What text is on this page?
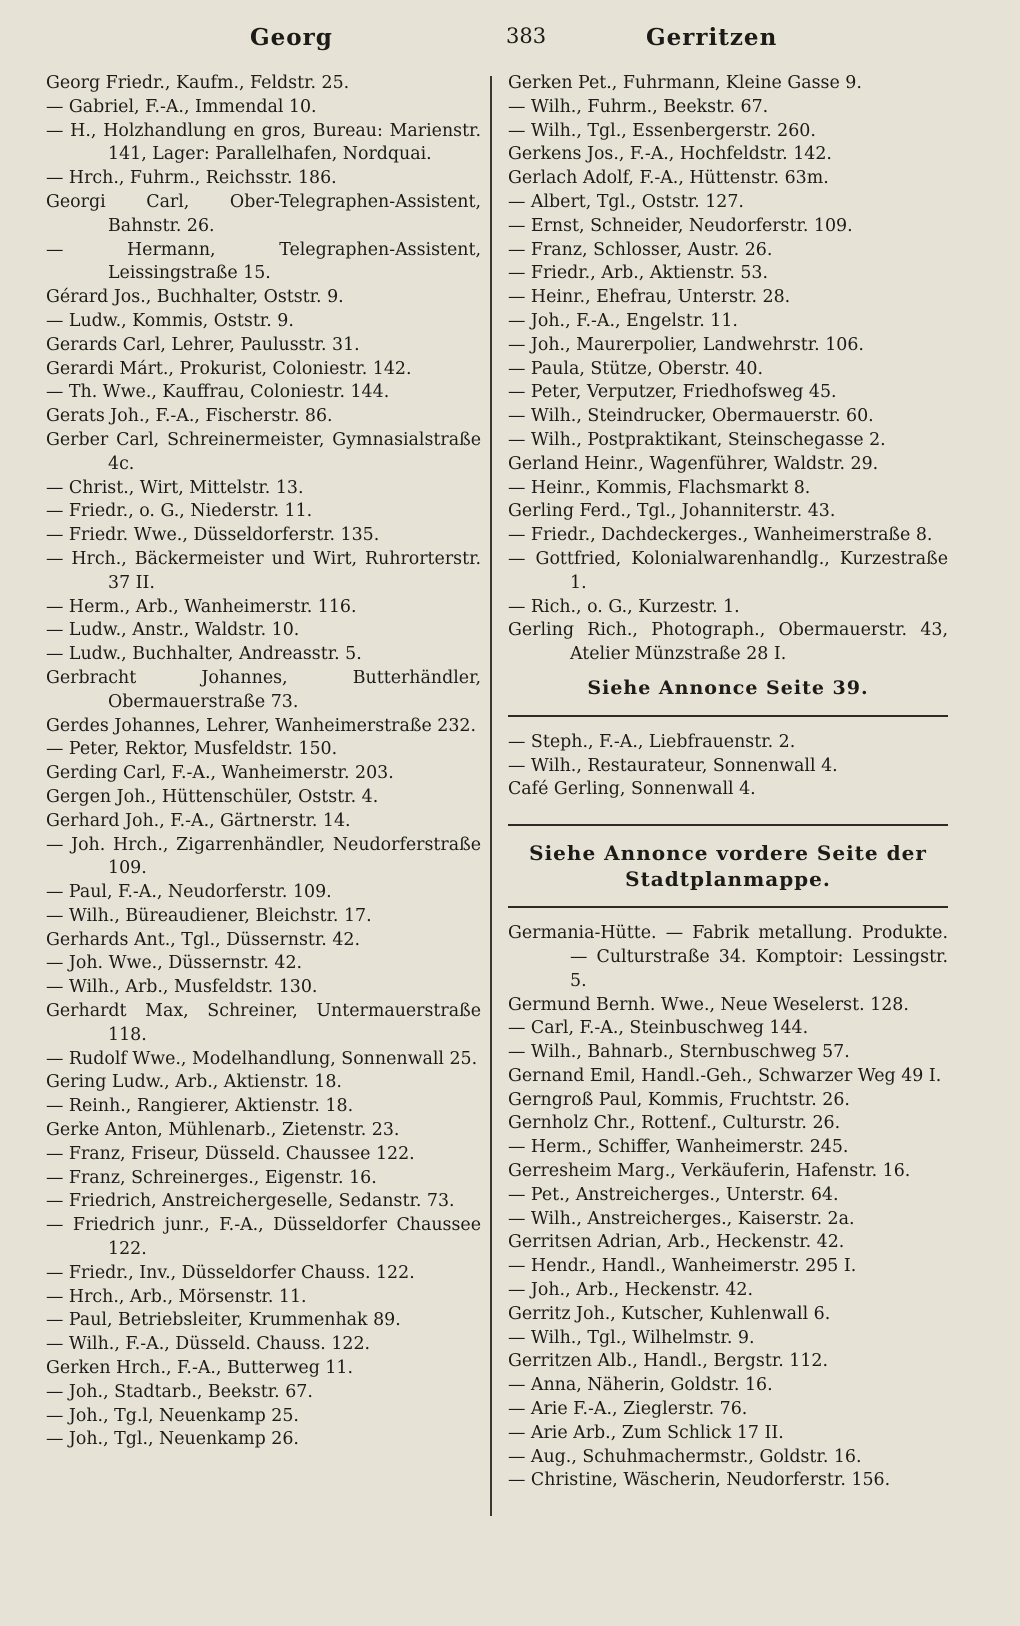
Georg	383	Gerritzen

Georg Friedr., Kaufm., Feldstr. 25.

— Gabriel, F.-A., Immendal 10.

— H., Holzhandlung en gros, Bureau: Marienstr. 141, Lager: Parallelhafen, Nordquai.

— Hrch., Fuhrm., Reichsstr. 186.

Georgi Carl, Ober-Telegraphen-Assistent, Bahnstr. 26.

— Hermann, Telegraphen-Assistent, Leissingstraße 15.

Gérard Jos., Buchhalter, Oststr. 9.

— Ludw., Kommis, Oststr. 9.

Gerards Carl, Lehrer, Paulusstr. 31.

Gerardi Márt., Prokurist, Coloniestr. 142.

— Th. Wwe., Kauffrau, Coloniestr. 144.

Gerats Joh., F.-A., Fischerstr. 86.

Gerber Carl, Schreinermeister, Gymnasialstraße 4c.

— Christ., Wirt, Mittelstr. 13.

— Friedr., o. G., Niederstr. 11.

— Friedr. Wwe., Düsseldorferstr. 135.

— Hrch., Bäckermeister und Wirt, Ruhrorterstr. 37 II.

— Herm., Arb., Wanheimerstr. 116.

— Ludw., Anstr., Waldstr. 10.

— Ludw., Buchhalter, Andreasstr. 5.

Gerbracht Johannes, Butterhändler, Obermauerstraße 73.

Gerdes Johannes, Lehrer, Wanheimerstraße 232.

— Peter, Rektor, Musfeldstr. 150.

Gerding Carl, F.-A., Wanheimerstr. 203.

Gergen Joh., Hüttenschüler, Oststr. 4.

Gerhard Joh., F.-A., Gärtnerstr. 14.

— Joh. Hrch., Zigarrenhändler, Neudorferstraße 109.

— Paul, F.-A., Neudorferstr. 109.

— Wilh., Büreaudiener, Bleichstr. 17.

Gerhards Ant., Tgl., Düssernstr. 42.

— Joh. Wwe., Düssernstr. 42.

— Wilh., Arb., Musfeldstr. 130.

Gerhardt Max, Schreiner, Untermauerstraße 118.

— Rudolf Wwe., Modelhandlung, Sonnenwall 25.

Gering Ludw., Arb., Aktienstr. 18.

— Reinh., Rangierer, Aktienstr. 18.

Gerke Anton, Mühlenarb., Zietenstr. 23.

— Franz, Friseur, Düsseld. Chaussee 122.

— Franz, Schreinerges., Eigenstr. 16.

— Friedrich, Anstreichergeselle, Sedanstr. 73.

— Friedrich junr., F.-A., Düsseldorfer Chaussee 122.

— Friedr., Inv., Düsseldorfer Chauss. 122.

— Hrch., Arb., Mörsenstr. 11.

— Paul, Betriebsleiter, Krummenhak 89.

— Wilh., F.-A., Düsseld. Chauss. 122.

Gerken Hrch., F.-A., Butterweg 11.

— Joh., Stadtarb., Beekstr. 67.

— Joh., Tg.l, Neuenkamp 25.

— Joh., Tgl., Neuenkamp 26.

Gerken Pet., Fuhrmann, Kleine Gasse 9.

— Wilh., Fuhrm., Beekstr. 67.

— Wilh., Tgl., Essenbergerstr. 260.

Gerkens Jos., F.-A., Hochfeldstr. 142.

Gerlach Adolf, F.-A., Hüttenstr. 63m.

— Albert, Tgl., Oststr. 127.

— Ernst, Schneider, Neudorferstr. 109.

— Franz, Schlosser, Austr. 26.

— Friedr., Arb., Aktienstr. 53.

— Heinr., Ehefrau, Unterstr. 28.

— Joh., F.-A., Engelstr. 11.

— Joh., Maurerpolier, Landwehrstr. 106.

— Paula, Stütze, Oberstr. 40.

— Peter, Verputzer, Friedhofsweg 45.

— Wilh., Steindrucker, Obermauerstr. 60.

— Wilh., Postpraktikant, Steinschegasse 2.

Gerland Heinr., Wagenführer, Waldstr. 29.

— Heinr., Kommis, Flachsmarkt 8.

Gerling Ferd., Tgl., Johanniterstr. 43.

— Friedr., Dachdeckerges., Wanheimerstraße 8.

— Gottfried, Kolonialwarenhandlg., Kurzestraße 1.

— Rich., o. G., Kurzestr. 1.

Gerling Rich., Photograph., Obermauerstr. 43, Atelier Münzstraße 28 I.

Siehe Annonce Seite 39.

— Steph., F.-A., Liebfrauenstr. 2.

— Wilh., Restaurateur, Sonnenwall 4.

Café Gerling, Sonnenwall 4.

Siehe Annonce vordere Seite der Stadtplanmappe.

Germania-Hütte. — Fabrik metallung. Produkte. — Culturstraße 34. Komptoir: Lessingstr. 5.

Germund Bernh. Wwe., Neue Weselerst. 128.

— Carl, F.-A., Steinbuschweg 144.

— Wilh., Bahnarb., Sternbuschweg 57.

Gernand Emil, Handl.-Geh., Schwarzer Weg 49 I.

Gerngroß Paul, Kommis, Fruchtstr. 26.

Gernholz Chr., Rottenf., Culturstr. 26.

— Herm., Schiffer, Wanheimerstr. 245.

Gerresheim Marg., Verkäuferin, Hafenstr. 16.

— Pet., Anstreicherges., Unterstr. 64.

— Wilh., Anstreicherges., Kaiserstr. 2a.

Gerritsen Adrian, Arb., Heckenstr. 42.

— Hendr., Handl., Wanheimerstr. 295 I.

— Joh., Arb., Heckenstr. 42.

Gerritz Joh., Kutscher, Kuhlenwall 6.

— Wilh., Tgl., Wilhelmstr. 9.

Gerritzen Alb., Handl., Bergstr. 112.

— Anna, Näherin, Goldstr. 16.

— Arie F.-A., Zieglerstr. 76.

— Arie Arb., Zum Schlick 17 II.

— Aug., Schuhmachermstr., Goldstr. 16.

— Christine, Wäscherin, Neudorferstr. 156.
